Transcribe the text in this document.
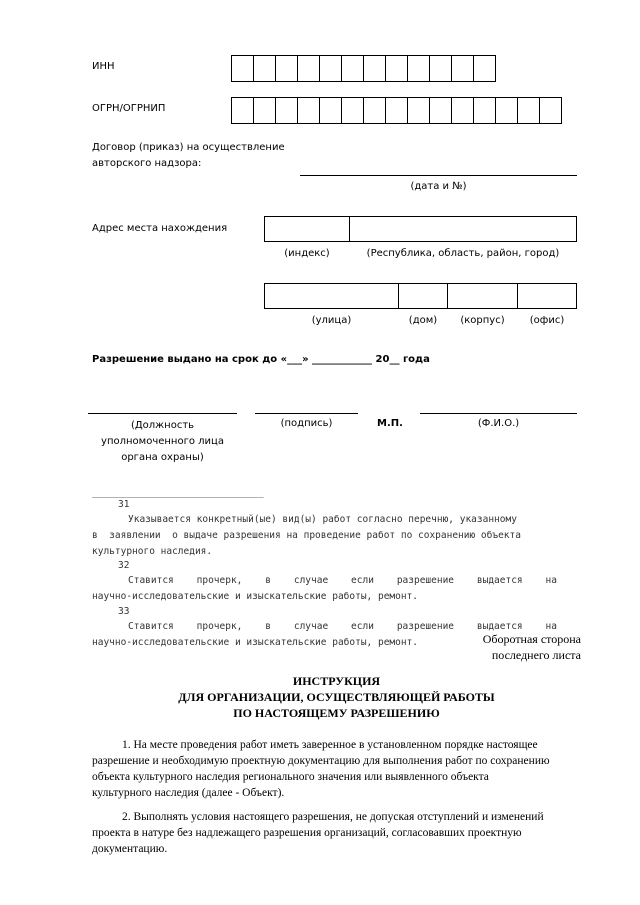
ИНН
ОГРН/ОГРНИП
Договор (приказ) на осуществление
авторского надзора:
(дата и №)
Адрес места нахождения
(индекс)	(Республика, область, район, город)
(улица)	(дом)	(корпус)	(офис)
Разрешение выдано на срок до «___» ____________ 20__ года
(Должность
уполномоченного лица
органа охраны)
(подпись)	М.П.	(Ф.И.О.)
______________________________
31
Указывается конкретный(ые) вид(ы) работ согласно перечню, указанному
в  заявлении  о выдаче разрешения на проведение работ по сохранению объекта
культурного наследия.
32
Ставится    прочерк,    в    случае    если    разрешение    выдается    на
научно-исследовательские и изыскательские работы, ремонт.
33
Ставится    прочерк,    в    случае    если    разрешение    выдается    на
научно-исследовательские и изыскательские работы, ремонт.	Оборотная сторона
последнего листа
ИНСТРУКЦИЯ
ДЛЯ ОРГАНИЗАЦИИ, ОСУЩЕСТВЛЯЮЩЕЙ РАБОТЫ
ПО НАСТОЯЩЕМУ РАЗРЕШЕНИЮ
1. На месте проведения работ иметь заверенное в установленном порядке настоящее
разрешение и необходимую проектную документацию для выполнения работ по сохранению
объекта культурного наследия регионального значения или выявленного объекта
культурного наследия (далее - Объект).
2. Выполнять условия настоящего разрешения, не допуская отступлений и изменений
проекта в натуре без надлежащего разрешения организаций, согласовавших проектную
документацию.
